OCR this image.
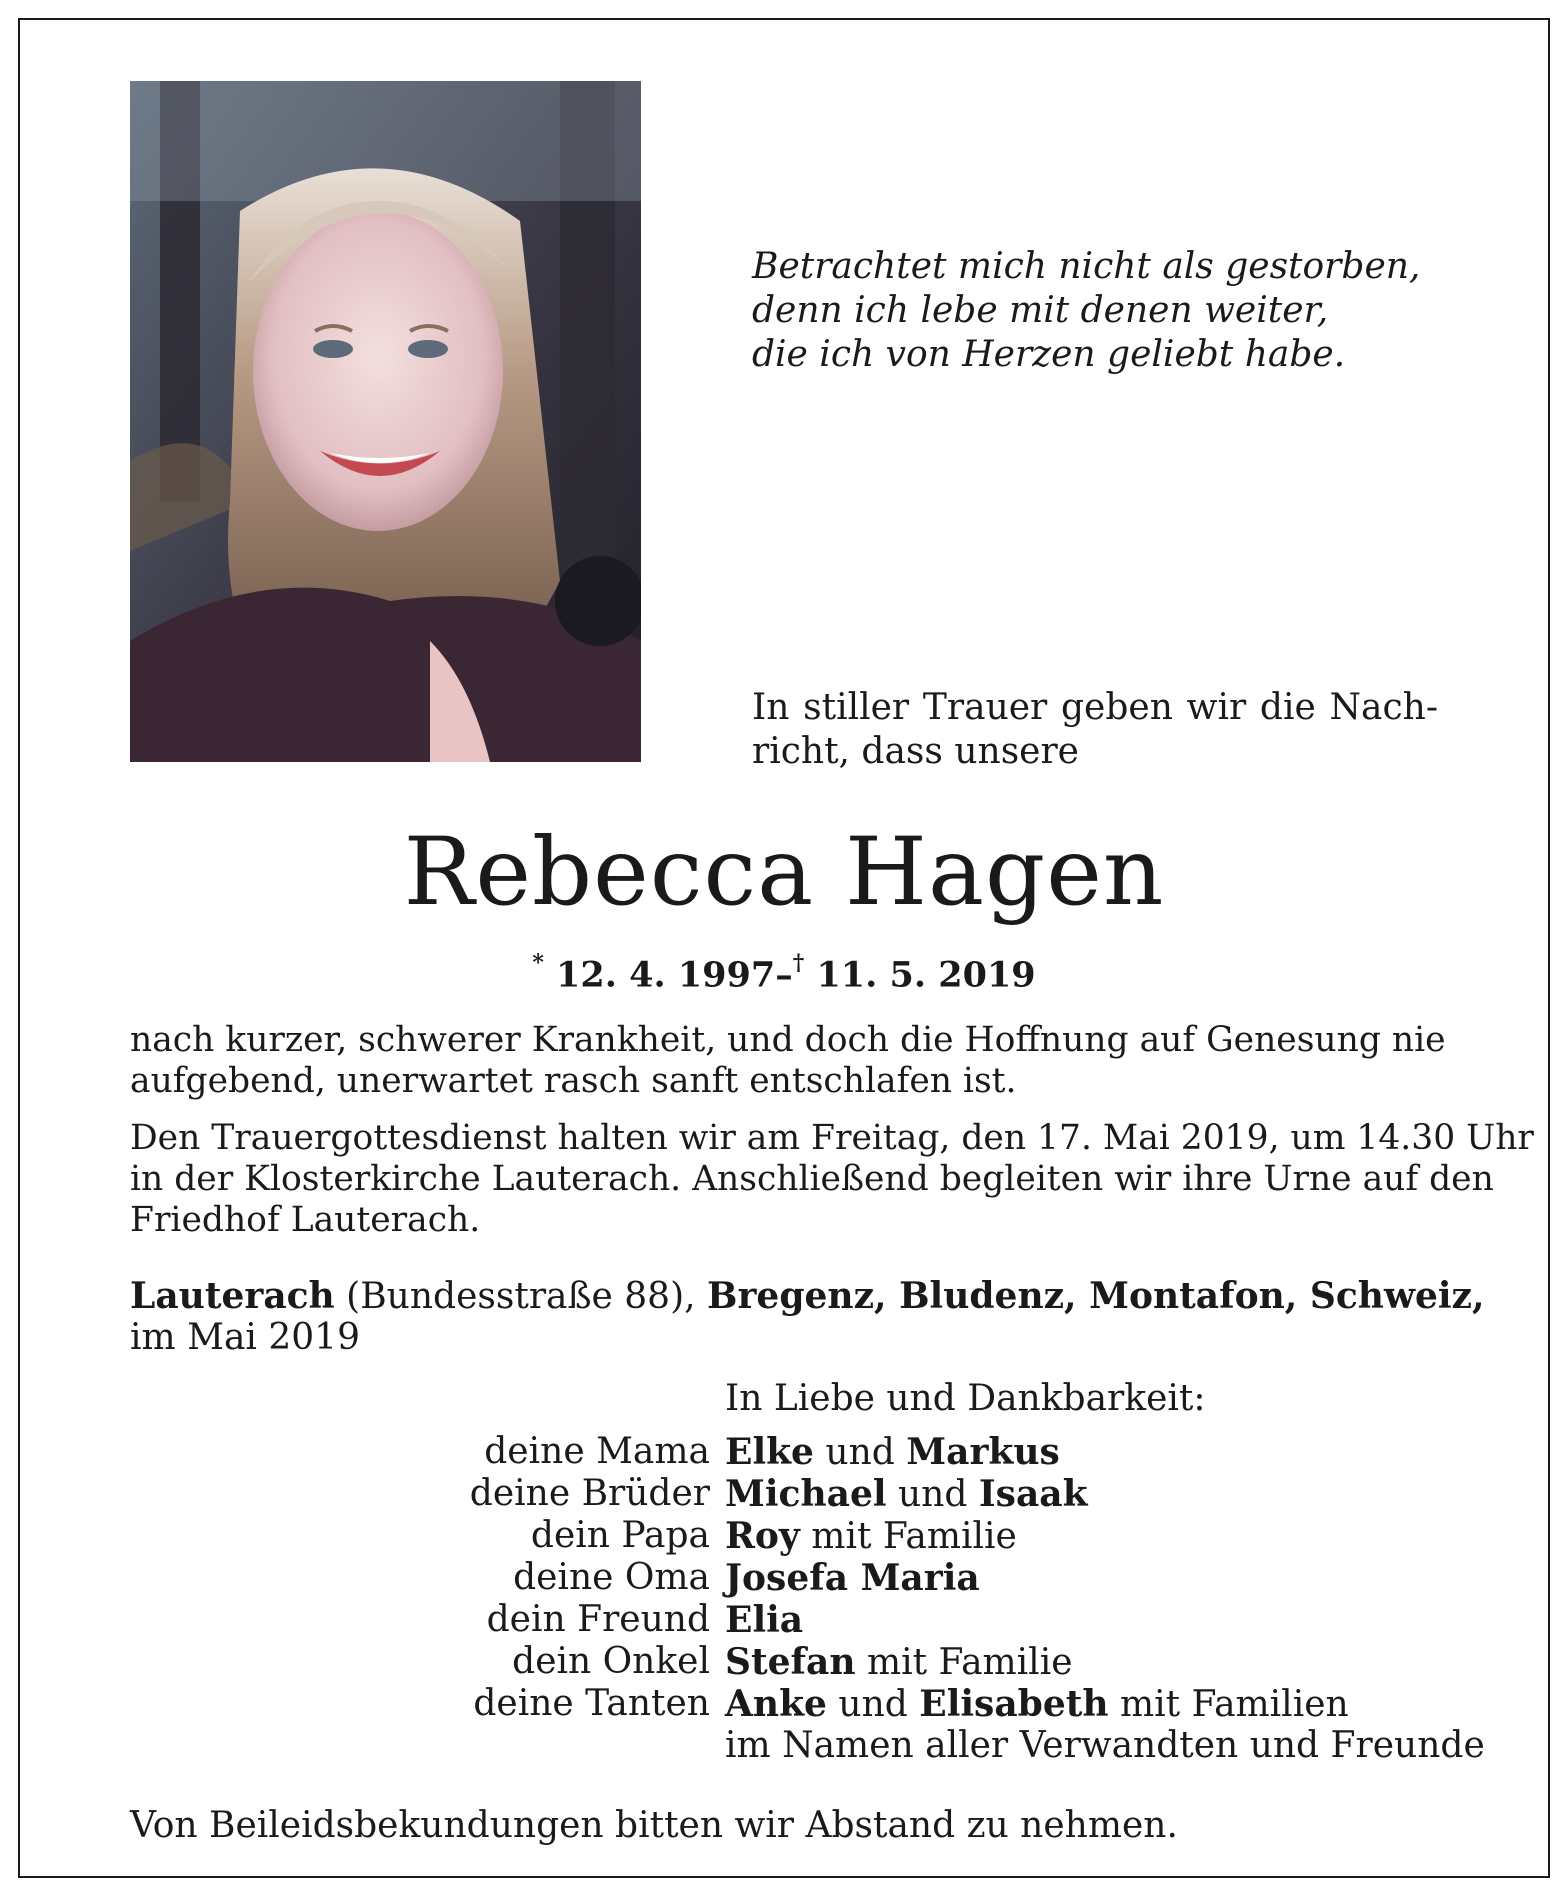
Betrachtet mich nicht als gestorben,
denn ich lebe mit denen weiter,
die ich von Herzen geliebt habe.
In stiller Trauer geben wir die Nach-
richt, dass unsere
Rebecca Hagen
* 12. 4. 1997–† 11. 5. 2019
nach kurzer, schwerer Krankheit, und doch die Hoffnung auf Genesung nie
aufgebend, unerwartet rasch sanft entschlafen ist.
Den Trauergottesdienst halten wir am Freitag, den 17. Mai 2019, um 14.30 Uhr
in der Klosterkirche Lauterach. Anschließend begleiten wir ihre Urne auf den
Friedhof Lauterach.
Lauterach (Bundesstraße 88), Bregenz, Bludenz, Montafon, Schweiz,
im Mai 2019
In Liebe und Dankbarkeit:
deine Mama Elke und Markus
deine Brüder Michael und Isaak
dein Papa Roy mit Familie
deine Oma Josefa Maria
dein Freund Elia
dein Onkel Stefan mit Familie
deine Tanten Anke und Elisabeth mit Familien
im Namen aller Verwandten und Freunde
Von Beileidsbekundungen bitten wir Abstand zu nehmen.
